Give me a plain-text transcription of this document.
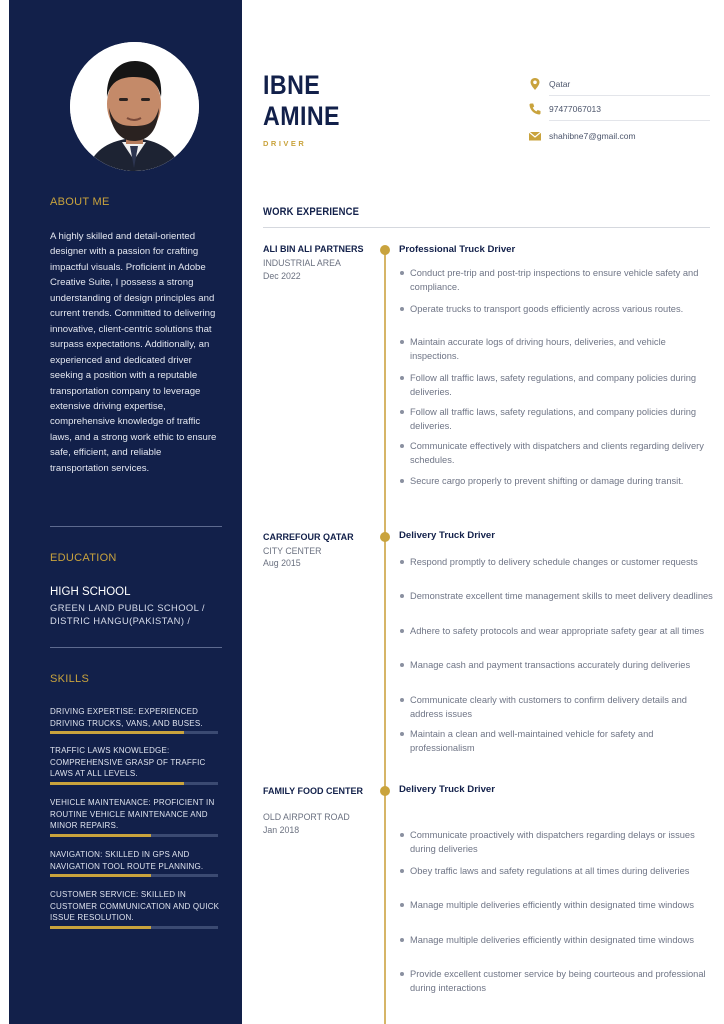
ABOUT ME

A highly skilled and detail-oriented designer with a passion for crafting impactful visuals. Proficient in Adobe Creative Suite, I possess a strong understanding of design principles and current trends. Committed to delivering innovative, client-centric solutions that surpass expectations. Additionally, an experienced and dedicated driver seeking a position with a reputable transportation company to leverage extensive driving expertise, comprehensive knowledge of traffic laws, and a strong work ethic to ensure safe, efficient, and reliable transportation services.

EDUCATION
HIGH SCHOOL
GREEN LAND PUBLIC SCHOOL / DISTRIC HANGU(PAKISTAN) /
SKILLS
DRIVING EXPERTISE: EXPERIENCED DRIVING TRUCKS, VANS, AND BUSES.
TRAFFIC LAWS KNOWLEDGE: COMPREHENSIVE GRASP OF TRAFFIC LAWS AT ALL LEVELS.
VEHICLE MAINTENANCE: PROFICIENT IN ROUTINE VEHICLE MAINTENANCE AND MINOR REPAIRS.
NAVIGATION: SKILLED IN GPS AND NAVIGATION TOOL ROUTE PLANNING.
CUSTOMER SERVICE: SKILLED IN CUSTOMER COMMUNICATION AND QUICK ISSUE RESOLUTION.
IBNE
AMINE
DRIVER
Qatar
97477067013
shahibne7@gmail.com
WORK EXPERIENCE
ALI BIN ALI PARTNERS
INDUSTRIAL AREA
Dec 2022
Professional Truck Driver
Conduct pre-trip and post-trip inspections to ensure vehicle safety and compliance.
Operate trucks to transport goods efficiently across various routes.
Maintain accurate logs of driving hours, deliveries, and vehicle inspections.
Follow all traffic laws, safety regulations, and company policies during deliveries.
Follow all traffic laws, safety regulations, and company policies during deliveries.
Communicate effectively with dispatchers and clients regarding delivery schedules.
Secure cargo properly to prevent shifting or damage during transit.
CARREFOUR QATAR
CITY CENTER
Aug 2015
Delivery Truck Driver
Respond promptly to delivery schedule changes or customer requests
Demonstrate excellent time management skills to meet delivery deadlines
Adhere to safety protocols and wear appropriate safety gear at all times
Manage cash and payment transactions accurately during deliveries
Communicate clearly with customers to confirm delivery details and address issues
Maintain a clean and well-maintained vehicle for safety and professionalism
FAMILY FOOD CENTER
OLD AIRPORT ROAD
Jan 2018
Delivery Truck Driver
Communicate proactively with dispatchers regarding delays or issues during deliveries
Obey traffic laws and safety regulations at all times during deliveries
Manage multiple deliveries efficiently within designated time windows
Manage multiple deliveries efficiently within designated time windows
Provide excellent customer service by being courteous and professional during interactions
